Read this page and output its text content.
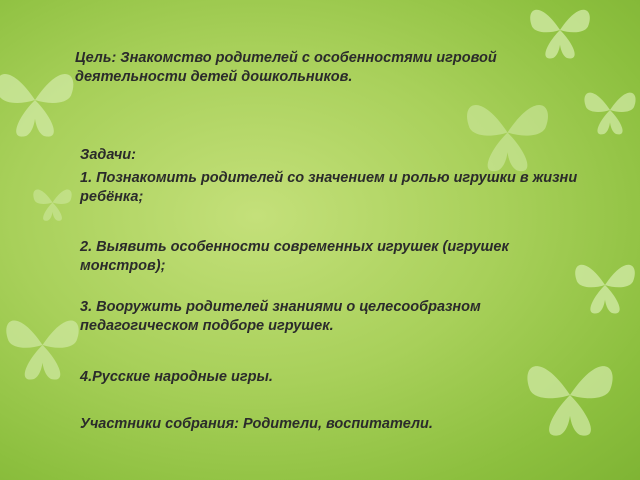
Цель: Знакомство родителей с особенностями игровой деятельности детей дошкольников.

Задачи:

1. Познакомить родителей со значением и ролью игрушки в жизни ребёнка;

2. Выявить особенности современных игрушек (игрушек монстров);

3. Вооружить родителей знаниями о целесообразном педагогическом подборе игрушек.

4.Русские народные игры.

Участники собрания: Родители, воспитатели.
